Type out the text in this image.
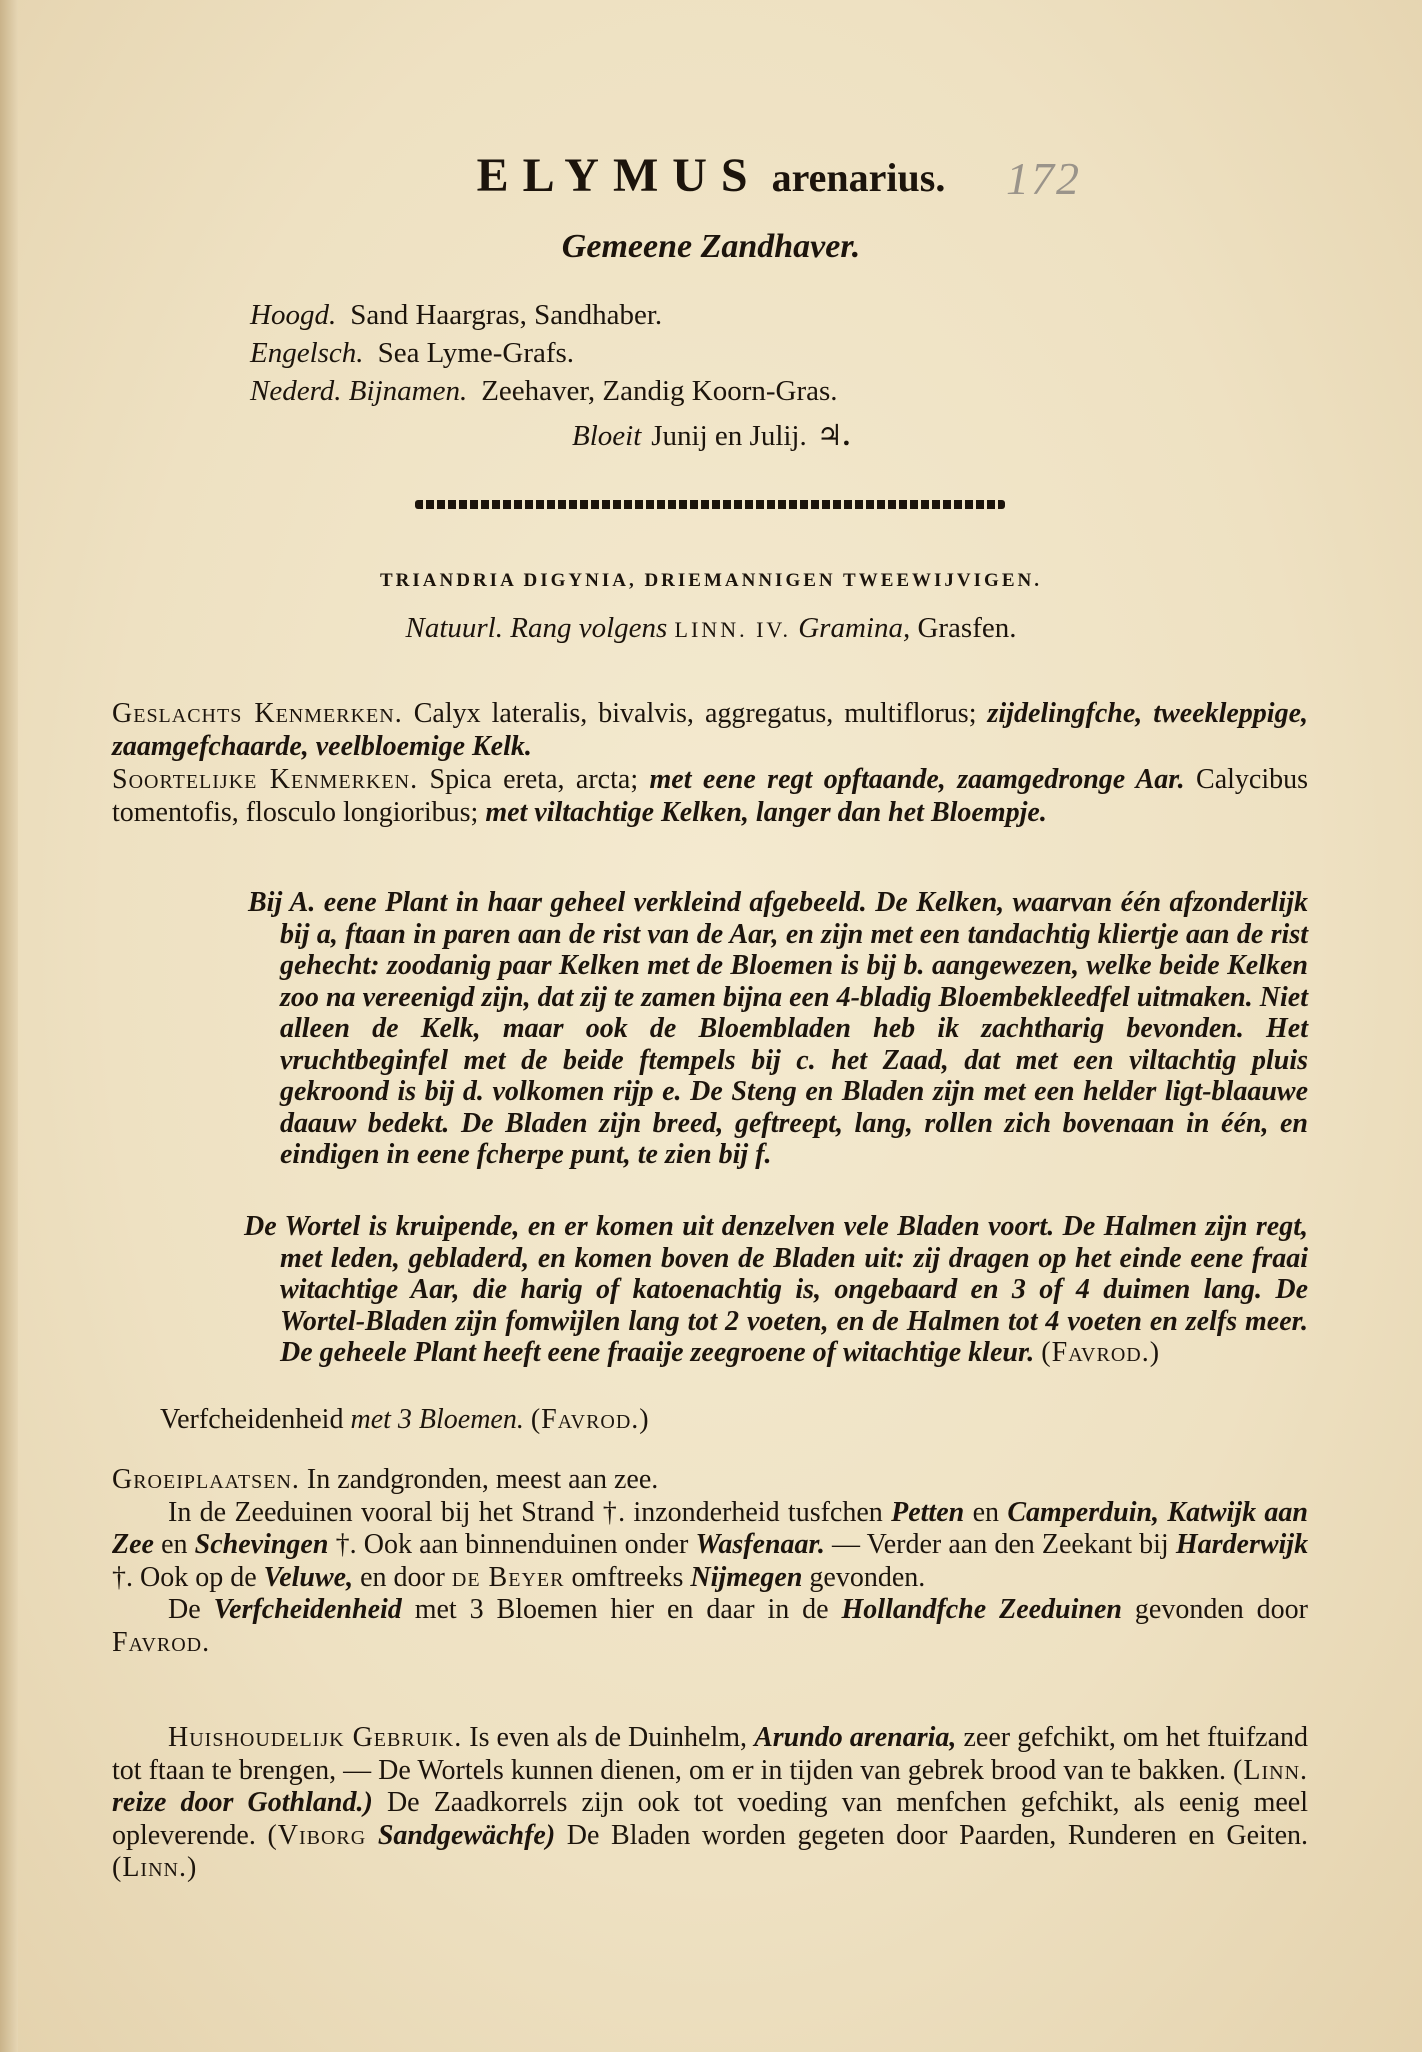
ELYMUS arenarius.	172
Gemeene Zandhaver.
Hoogd. Sand Haargras, Sandhaber.
Engelsch. Sea Lyme-Grafs.
Nederd. Bijnamen. Zeehaver, Zandig Koorn-Gras.
Bloeit Junij en Julij. ♃.
TRIANDRIA DIGYNIA, DRIEMANNIGEN TWEEWIJVIGEN.
Natuurl. Rang volgens LINN. IV. Gramina, Grasfen.

Geslachts Kenmerken. Calyx lateralis, bivalvis, aggregatus, multiflorus; zijdelingfche, tweekleppige, zaamgefchaarde, veelbloemige Kelk.

Soortelijke Kenmerken. Spica ereta, arcta; met eene regt opftaande, zaamgedronge Aar. Calycibus tomentofis, flosculo longioribus; met viltachtige Kelken, langer dan het Bloempje.

Bij A. eene Plant in haar geheel verkleind afgebeeld. De Kelken, waarvan één afzonderlijk bij a, ftaan in paren aan de rist van de Aar, en zijn met een tandachtig kliertje aan de rist gehecht: zoodanig paar Kelken met de Bloemen is bij b. aangewezen, welke beide Kelken zoo na vereenigd zijn, dat zij te zamen bijna een 4-bladig Bloembekleedfel uitmaken. Niet alleen de Kelk, maar ook de Bloembladen heb ik zachtharig bevonden. Het vruchtbeginfel met de beide ftempels bij c. het Zaad, dat met een viltachtig pluis gekroond is bij d. volkomen rijp e. De Steng en Bladen zijn met een helder ligt-blaauwe daauw bedekt. De Bladen zijn breed, geftreept, lang, rollen zich bovenaan in één, en eindigen in eene fcherpe punt, te zien bij f.

De Wortel is kruipende, en er komen uit denzelven vele Bladen voort. De Halmen zijn regt, met leden, gebladerd, en komen boven de Bladen uit: zij dragen op het einde eene fraai witachtige Aar, die harig of katoenachtig is, ongebaard en 3 of 4 duimen lang. De Wortel-Bladen zijn fomwijlen lang tot 2 voeten, en de Halmen tot 4 voeten en zelfs meer. De geheele Plant heeft eene fraaije zeegroene of witachtige kleur. (Favrod.)

Verfcheidenheid met 3 Bloemen. (Favrod.)

Groeiplaatsen. In zandgronden, meest aan zee.

In de Zeeduinen vooral bij het Strand †. inzonderheid tusfchen Petten en Camperduin, Katwijk aan Zee en Schevingen †. Ook aan binnenduinen onder Wasfenaar. — Verder aan den Zeekant bij Harderwijk †. Ook op de Veluwe, en door de Beyer omftreeks Nijmegen gevonden.

De Verfcheidenheid met 3 Bloemen hier en daar in de Hollandfche Zeeduinen gevonden door Favrod.

Huishoudelijk Gebruik. Is even als de Duinhelm, Arundo arenaria, zeer gefchikt, om het ftuifzand tot ftaan te brengen, — De Wortels kunnen dienen, om er in tijden van gebrek brood van te bakken. (Linn. reize door Gothland.) De Zaadkorrels zijn ook tot voeding van menfchen gefchikt, als eenig meel opleverende. (Viborg Sandgewächfe) De Bladen worden gegeten door Paarden, Runderen en Geiten. (Linn.)
